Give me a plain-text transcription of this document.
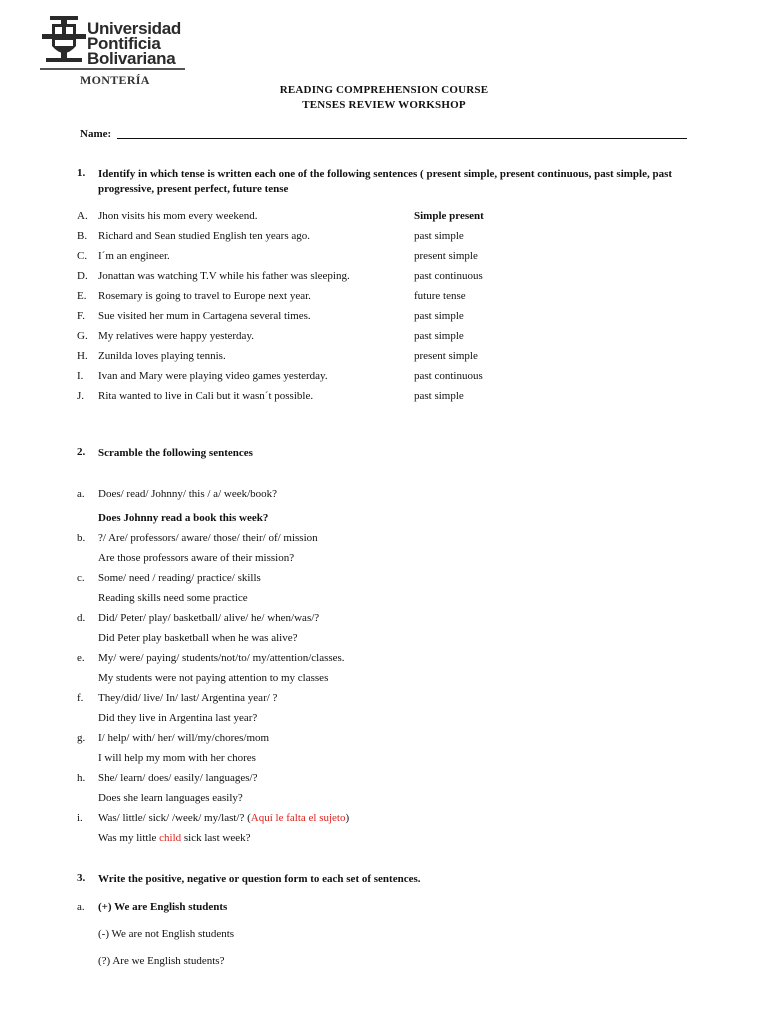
Universidad
Pontificia
Bolivariana
MONTERÍA
READING COMPREHENSION COURSE
TENSES REVIEW WORKSHOP
Name:
1. Identify in which tense is written each one of the following sentences ( present simple, present continuous, past simple, past progressive, present perfect, future tense
A. Jhon visits his mom every weekend.	Simple present
B. Richard and Sean studied English ten years ago.	past simple
C. I´m an engineer.	present simple
D. Jonattan was watching T.V while his father was sleeping.	past continuous
E. Rosemary is going to travel to Europe next year.	future tense
F. Sue visited her mum in Cartagena several times.	past simple
G. My relatives were happy yesterday.	past simple
H. Zunilda loves playing tennis.	present simple
I. Ivan and Mary were playing video games yesterday.	past continuous
J. Rita wanted to live in Cali but it wasn´t possible.	past simple
2. Scramble the following sentences
a. Does/ read/ Johnny/ this / a/ week/book?
Does Johnny read a book this week?
b. ?/ Are/ professors/ aware/ those/ their/ of/ mission
Are those professors aware of their mission?
c. Some/ need / reading/ practice/ skills
Reading skills need some practice
d. Did/ Peter/ play/ basketball/ alive/ he/ when/was/?
Did Peter play basketball when he was alive?
e. My/ were/ paying/ students/not/to/ my/attention/classes.
My students were not paying attention to my classes
f. They/did/ live/ In/ last/ Argentina year/ ?
Did they live in Argentina last year?
g. I/ help/ with/ her/ will/my/chores/mom
I will help my mom with her chores
h. She/ learn/ does/ easily/ languages/?
Does she learn languages easily?
i. Was/ little/ sick/ /week/ my/last/? (Aquí le falta el sujeto)
Was my little child sick last week?
3. Write the positive, negative or question form to each set of sentences.
a. (+) We are English students
(-) We are not English students
(?) Are we English students?
